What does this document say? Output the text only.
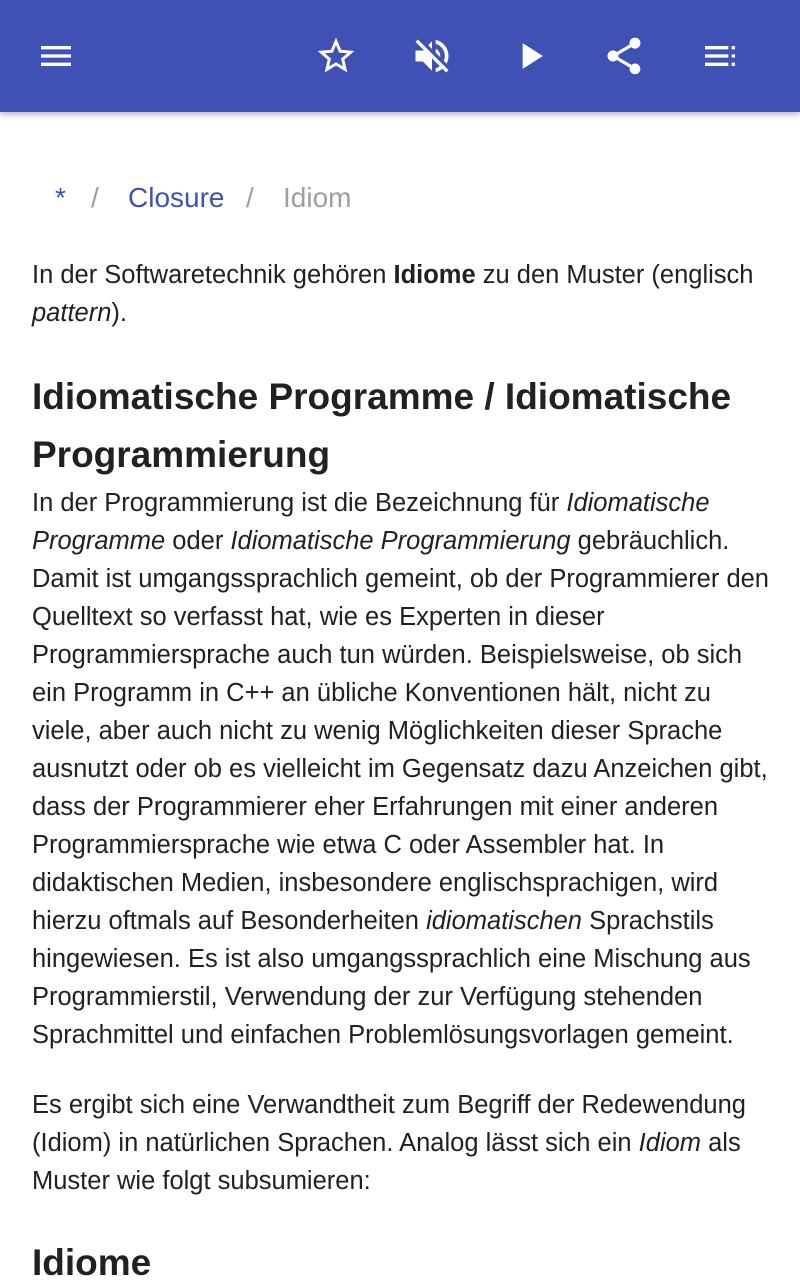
* / Closure / Idiom

In der Softwaretechnik gehören Idiome zu den Muster (englisch pattern).

Idiomatische Programme / Idiomatische Programmierung

In der Programmierung ist die Bezeichnung für Idiomatische Programme oder Idiomatische Programmierung gebräuchlich. Damit ist umgangssprachlich gemeint, ob der Programmierer den Quelltext so verfasst hat, wie es Experten in dieser Programmiersprache auch tun würden. Beispielsweise, ob sich ein Programm in C++ an übliche Konventionen hält, nicht zu viele, aber auch nicht zu wenig Möglichkeiten dieser Sprache ausnutzt oder ob es vielleicht im Gegensatz dazu Anzeichen gibt, dass der Programmierer eher Erfahrungen mit einer anderen Programmiersprache wie etwa C oder Assembler hat. In didaktischen Medien, insbesondere englischsprachigen, wird hierzu oftmals auf Besonderheiten idiomatischen Sprachstils hingewiesen. Es ist also umgangssprachlich eine Mischung aus Programmierstil, Verwendung der zur Verfügung stehenden Sprachmittel und einfachen Problemlösungsvorlagen gemeint.

Es ergibt sich eine Verwandtheit zum Begriff der Redewendung (Idiom) in natürlichen Sprachen. Analog lässt sich ein Idiom als Muster wie folgt subsumieren:

Idiome
